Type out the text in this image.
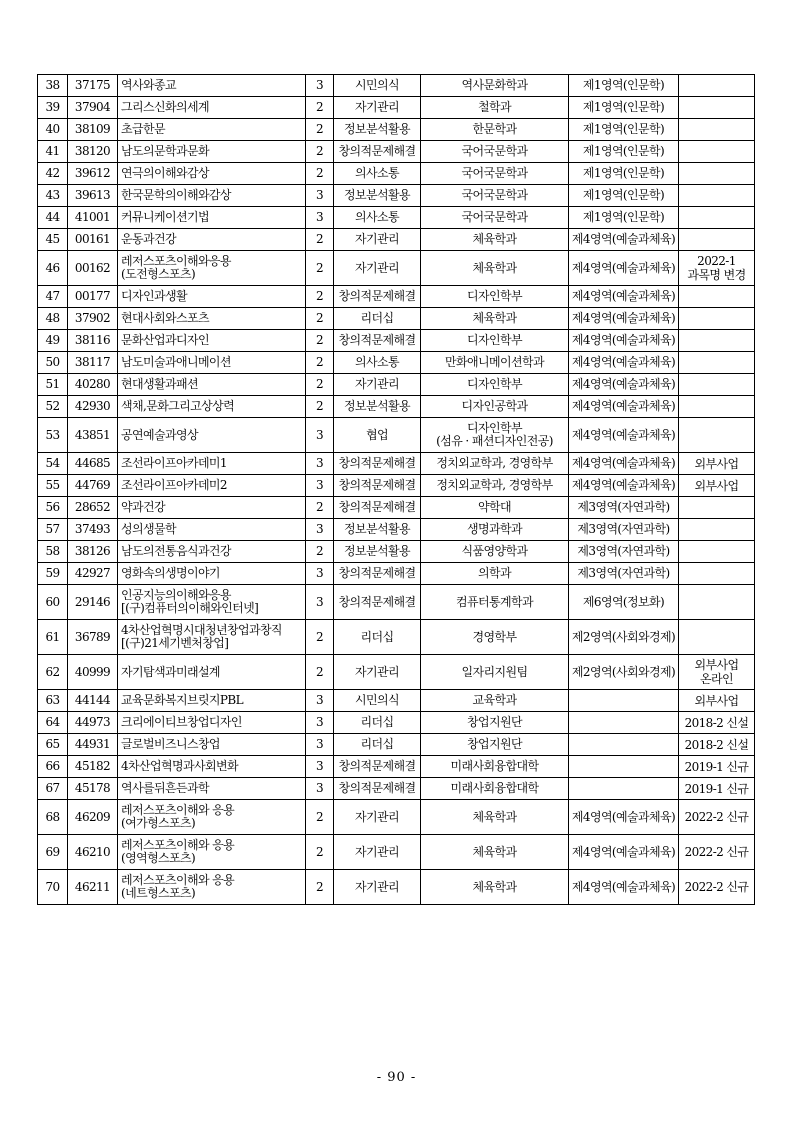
38	37175	역사와종교	3	시민의식	역사문화학과	제1영역(인문학)	
39	37904	그리스신화의세계	2	자기관리	철학과	제1영역(인문학)	
40	38109	초급한문	2	정보분석활용	한문학과	제1영역(인문학)	
41	38120	남도의문학과문화	2	창의적문제해결	국어국문학과	제1영역(인문학)	
42	39612	연극의이해와감상	2	의사소통	국어국문학과	제1영역(인문학)	
43	39613	한국문학의이해와감상	3	정보분석활용	국어국문학과	제1영역(인문학)	
44	41001	커뮤니케이션기법	3	의사소통	국어국문학과	제1영역(인문학)	
45	00161	운동과건강	2	자기관리	체육학과	제4영역(예술과체육)	
46	00162	레저스포츠이해와응용
(도전형스포츠)	2	자기관리	체육학과	제4영역(예술과체육)	2022-1
과목명 변경

47	00177	디자인과생활	2	창의적문제해결	디자인학부	제4영역(예술과체육)	
48	37902	현대사회와스포츠	2	리더십	체육학과	제4영역(예술과체육)	
49	38116	문화산업과디자인	2	창의적문제해결	디자인학부	제4영역(예술과체육)	
50	38117	남도미술과애니메이션	2	의사소통	만화애니메이션학과	제4영역(예술과체육)	
51	40280	현대생활과패션	2	자기관리	디자인학부	제4영역(예술과체육)	
52	42930	색채,문화그리고상상력	2	정보분석활용	디자인공학과	제4영역(예술과체육)	
53	43851	공연예술과영상	3	협업	디자인학부
(섬유 · 패션디자인전공)	제4영역(예술과체육)	
54	44685	조선라이프아카데미1	3	창의적문제해결	정치외교학과, 경영학부	제4영역(예술과체육)	외부사업

55	44769	조선라이프아카데미2	3	창의적문제해결	정치외교학과, 경영학부	제4영역(예술과체육)	외부사업

56	28652	약과건강	2	창의적문제해결	약학대	제3영역(자연과학)	
57	37493	성의생물학	3	정보분석활용	생명과학과	제3영역(자연과학)	
58	38126	남도의전통음식과건강	2	정보분석활용	식품영양학과	제3영역(자연과학)	
59	42927	영화속의생명이야기	3	창의적문제해결	의학과	제3영역(자연과학)	
60	29146	인공지능의이해와응용
[(구)컴퓨터의이해와인터넷]	3	창의적문제해결	컴퓨터통계학과	제6영역(정보화)	
61	36789	4차산업혁명시대청년창업과창직
[(구)21세기벤처창업]	2	리더십	경영학부	제2영역(사회와경제)	
62	40999	자기탐색과미래설계	2	자기관리	일자리지원팀	제2영역(사회와경제)	외부사업
온라인

63	44144	교육문화복지브릿지PBL	3	시민의식	교육학과		외부사업

64	44973	크리에이티브창업디자인	3	리더십	창업지원단		2018-2 신설

65	44931	글로벌비즈니스창업	3	리더십	창업지원단		2018-2 신설

66	45182	4차산업혁명과사회변화	3	창의적문제해결	미래사회융합대학		2019-1 신규

67	45178	역사를뒤흔든과학	3	창의적문제해결	미래사회융합대학		2019-1 신규

68	46209	레저스포츠이해와 응용
(여가형스포츠)	2	자기관리	체육학과	제4영역(예술과체육)	2022-2 신규

69	46210	레저스포츠이해와 응용
(영역형스포츠)	2	자기관리	체육학과	제4영역(예술과체육)	2022-2 신규

70	46211	레저스포츠이해와 응용
(네트형스포츠)	2	자기관리	체육학과	제4영역(예술과체육)	2022-2 신규
- 90 -
